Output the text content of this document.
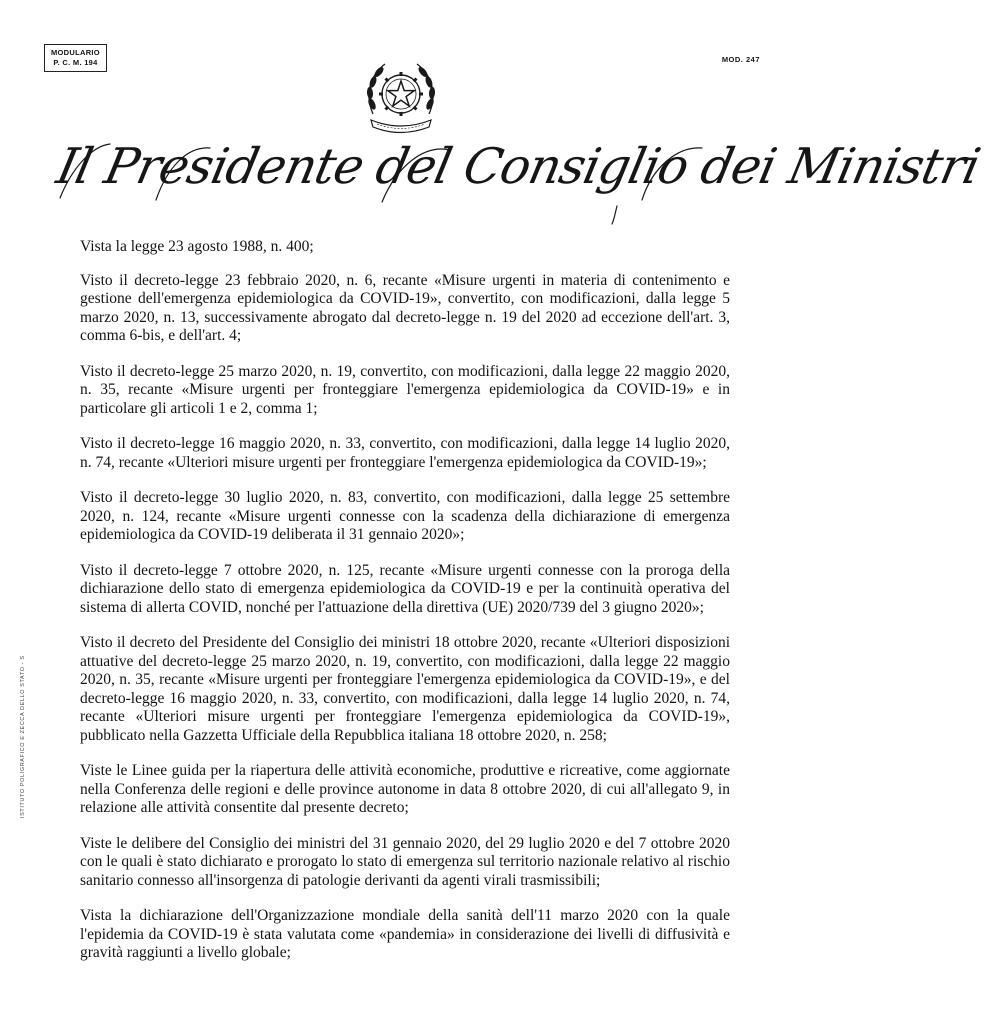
MODULARIO
P. C. M. 194	MOD. 247
Il Presidente del Consiglio dei Ministri
ISTITUTO POLIGRAFICO E ZECCA DELLO STATO - S

Vista la legge 23 agosto 1988, n. 400;

Visto il decreto-legge 23 febbraio 2020, n. 6, recante «Misure urgenti in materia di contenimento e gestione dell'emergenza epidemiologica da COVID-19», convertito, con modificazioni, dalla legge 5 marzo 2020, n. 13, successivamente abrogato dal decreto-legge n. 19 del 2020 ad eccezione dell'art. 3, comma 6-bis, e dell'art. 4;

Visto il decreto-legge 25 marzo 2020, n. 19, convertito, con modificazioni, dalla legge 22 maggio 2020, n. 35, recante «Misure urgenti per fronteggiare l'emergenza epidemiologica da COVID-19» e in particolare gli articoli 1 e 2, comma 1;

Visto il decreto-legge 16 maggio 2020, n. 33, convertito, con modificazioni, dalla legge 14 luglio 2020, n. 74, recante «Ulteriori misure urgenti per fronteggiare l'emergenza epidemiologica da COVID-19»;

Visto il decreto-legge 30 luglio 2020, n. 83, convertito, con modificazioni, dalla legge 25 settembre 2020, n. 124, recante «Misure urgenti connesse con la scadenza della dichiarazione di emergenza epidemiologica da COVID-19 deliberata il 31 gennaio 2020»;

Visto il decreto-legge 7 ottobre 2020, n. 125, recante «Misure urgenti connesse con la proroga della dichiarazione dello stato di emergenza epidemiologica da COVID-19 e per la continuità operativa del sistema di allerta COVID, nonché per l'attuazione della direttiva (UE) 2020/739 del 3 giugno 2020»;

Visto il decreto del Presidente del Consiglio dei ministri 18 ottobre 2020, recante «Ulteriori disposizioni attuative del decreto-legge 25 marzo 2020, n. 19, convertito, con modificazioni, dalla legge 22 maggio 2020, n. 35, recante «Misure urgenti per fronteggiare l'emergenza epidemiologica da COVID-19», e del decreto-legge 16 maggio 2020, n. 33, convertito, con modificazioni, dalla legge 14 luglio 2020, n. 74, recante «Ulteriori misure urgenti per fronteggiare l'emergenza epidemiologica da COVID-19», pubblicato nella Gazzetta Ufficiale della Repubblica italiana 18 ottobre 2020, n. 258;

Viste le Linee guida per la riapertura delle attività economiche, produttive e ricreative, come aggiornate nella Conferenza delle regioni e delle province autonome in data 8 ottobre 2020, di cui all'allegato 9, in relazione alle attività consentite dal presente decreto;

Viste le delibere del Consiglio dei ministri del 31 gennaio 2020, del 29 luglio 2020 e del 7 ottobre 2020 con le quali è stato dichiarato e prorogato lo stato di emergenza sul territorio nazionale relativo al rischio sanitario connesso all'insorgenza di patologie derivanti da agenti virali trasmissibili;

Vista la dichiarazione dell'Organizzazione mondiale della sanità dell'11 marzo 2020 con la quale l'epidemia da COVID-19 è stata valutata come «pandemia» in considerazione dei livelli di diffusività e gravità raggiunti a livello globale;
